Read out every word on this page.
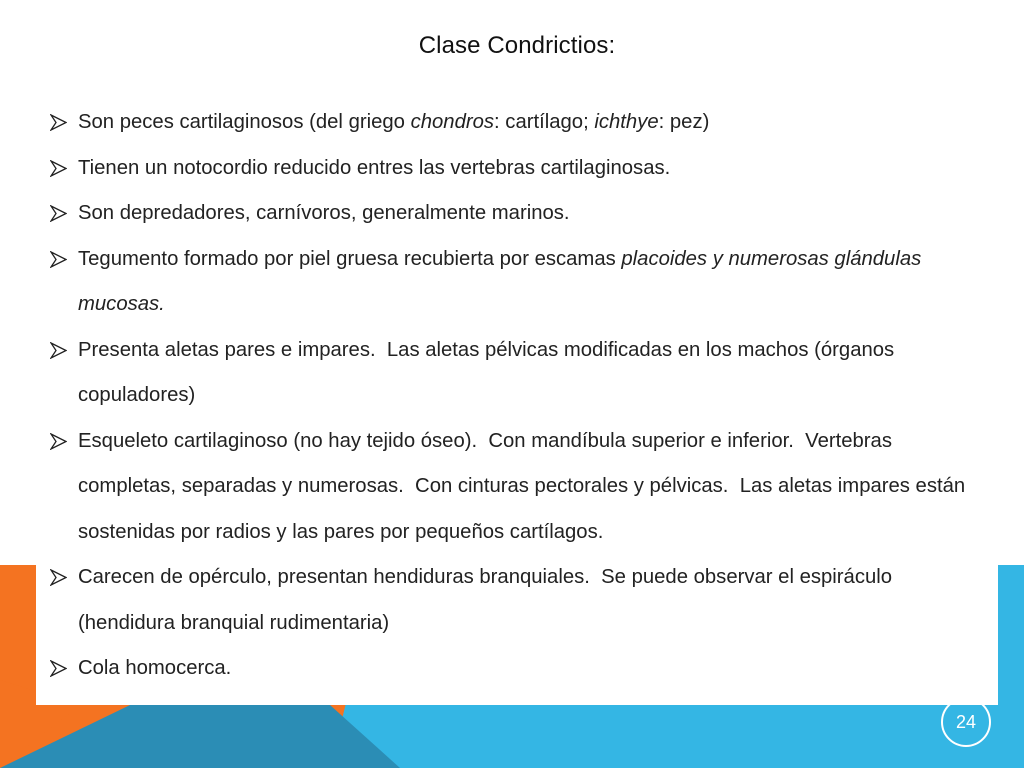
Clase Condrictios:
Son peces cartilaginosos (del griego chondros: cartílago; ichthye: pez)
Tienen un notocordio reducido entres las vertebras cartilaginosas.
Son depredadores, carnívoros, generalmente marinos.
Tegumento formado por piel gruesa recubierta por escamas placoides y numerosas glándulas mucosas.
Presenta aletas pares e impares.  Las aletas pélvicas modificadas en los machos (órganos copuladores)
Esqueleto cartilaginoso (no hay tejido óseo).  Con mandíbula superior e inferior.  Vertebras completas, separadas y numerosas.  Con cinturas pectorales y pélvicas.  Las aletas impares están sostenidas por radios y las pares por pequeños cartílagos.
Carecen de opérculo, presentan hendiduras branquiales.  Se puede observar el espiráculo (hendidura branquial rudimentaria)
Cola homocerca.
24
